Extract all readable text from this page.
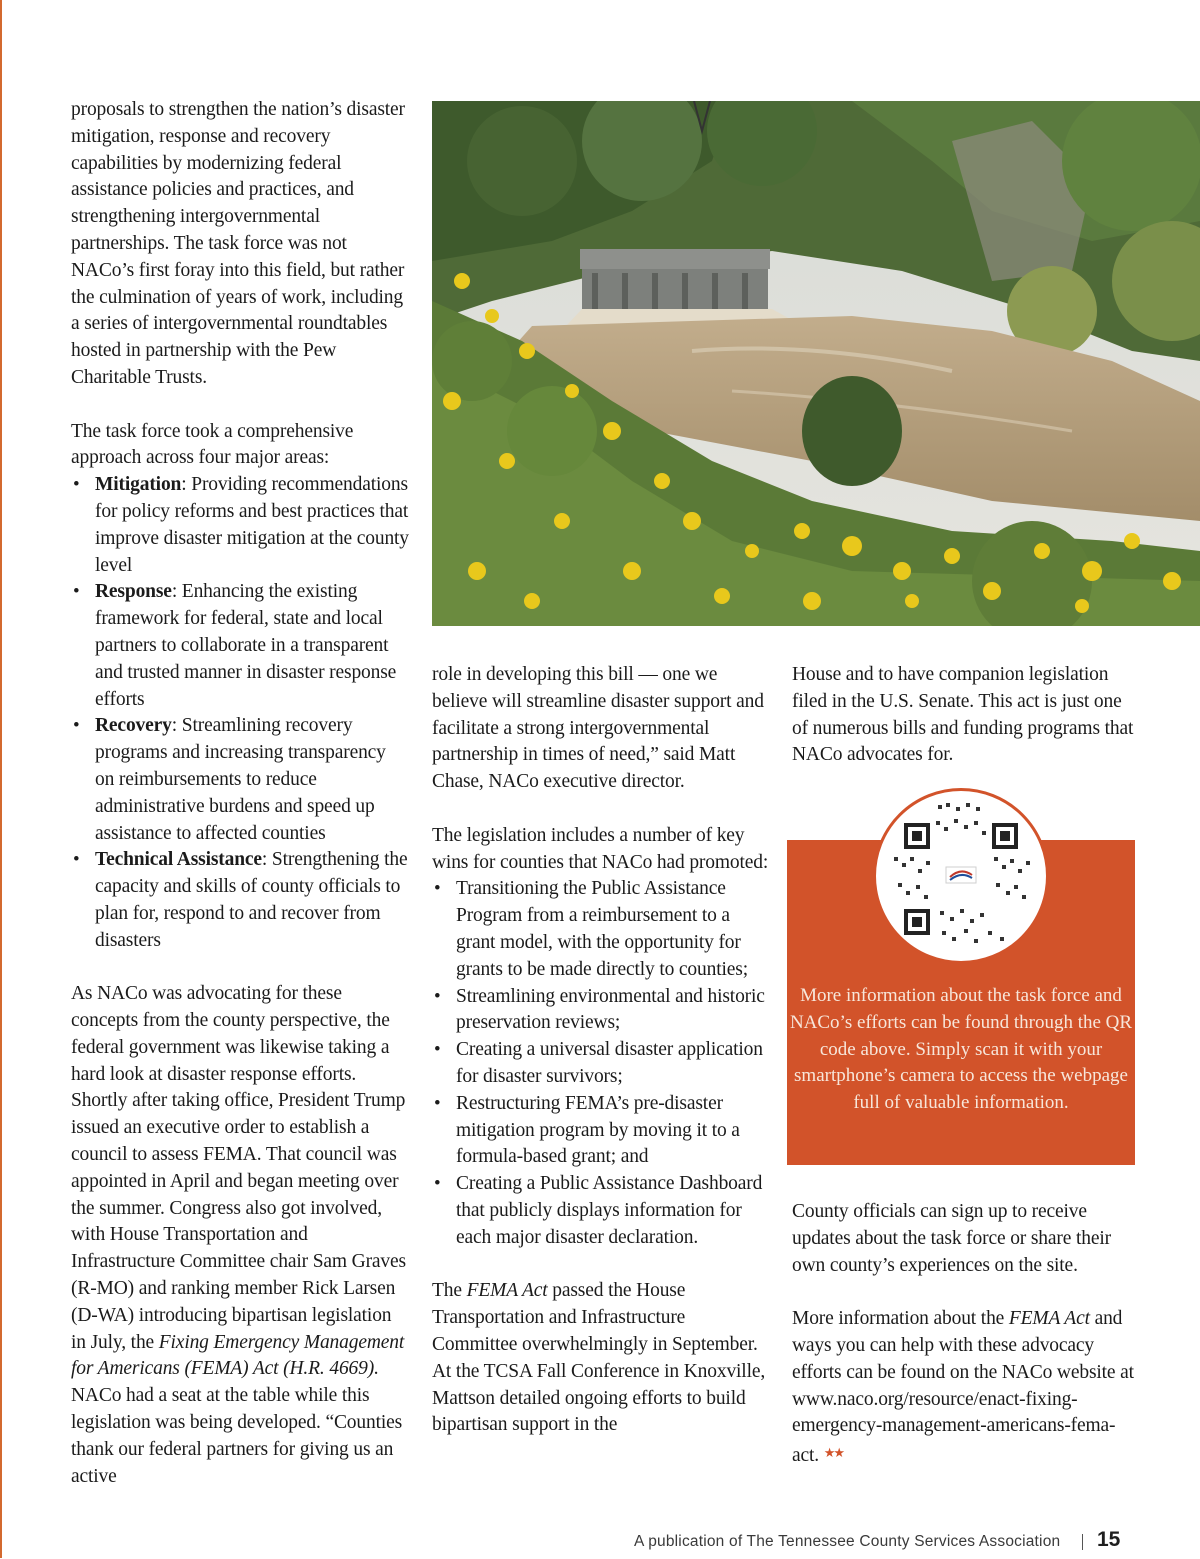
proposals to strengthen the nation’s disaster mitigation, response and recovery capabilities by modernizing federal assistance policies and practices, and strengthening intergovernmental partnerships. The task force was not NACo’s first foray into this field, but rather the culmination of years of work, including a series of intergovernmental roundtables hosted in partnership with the Pew Charitable Trusts.

The task force took a comprehensive approach across four major areas:

• Mitigation: Providing recommendations for policy reforms and best practices that improve disaster mitigation at the county level
• Response: Enhancing the existing framework for federal, state and local partners to collaborate in a transparent and trusted manner in disaster response efforts
• Recovery: Streamlining recovery programs and increasing transparency on reimbursements to reduce administrative burdens and speed up assistance to affected counties
• Technical Assistance: Strengthening the capacity and skills of county officials to plan for, respond to and recover from disasters

As NACo was advocating for these concepts from the county perspective, the federal government was likewise taking a hard look at disaster response efforts. Shortly after taking office, President Trump issued an executive order to establish a council to assess FEMA. That council was appointed in April and began meeting over the summer. Congress also got involved, with House Transportation and Infrastructure Committee chair Sam Graves (R-MO) and ranking member Rick Larsen (D-WA) introducing bipartisan legislation in July, the Fixing Emergency Management for Americans (FEMA) Act (H.R. 4669). NACo had a seat at the table while this legislation was being developed. “Counties thank our federal partners for giving us an active

role in developing this bill — one we believe will streamline disaster support and facilitate a strong intergovernmental partnership in times of need,” said Matt Chase, NACo executive director.

The legislation includes a number of key wins for counties that NACo had promoted:

• Transitioning the Public Assistance Program from a reimbursement to a grant model, with the opportunity for grants to be made directly to counties;
• Streamlining environmental and historic preservation reviews;
• Creating a universal disaster application for disaster survivors;
• Restructuring FEMA’s pre-disaster mitigation program by moving it to a formula-based grant; and
• Creating a Public Assistance Dashboard that publicly displays information for each major disaster declaration.

The FEMA Act passed the House Transportation and Infrastructure Committee overwhelmingly in September. At the TCSA Fall Conference in Knoxville, Mattson detailed ongoing efforts to build bipartisan support in the

House and to have companion legislation filed in the U.S. Senate. This act is just one of numerous bills and funding programs that NACo advocates for.

More information about the task force and NACo’s efforts can be found through the QR code above. Simply scan it with your smartphone’s camera to access the webpage full of valuable information.

County officials can sign up to receive updates about the task force or share their own county’s experiences on the site.

More information about the FEMA Act and ways you can help with these advocacy efforts can be found on the NACo website at www.naco.org/resource/enact-fixing-emergency-management-americans-fema-act. ★★

A publication of The Tennessee County Services Association 15
